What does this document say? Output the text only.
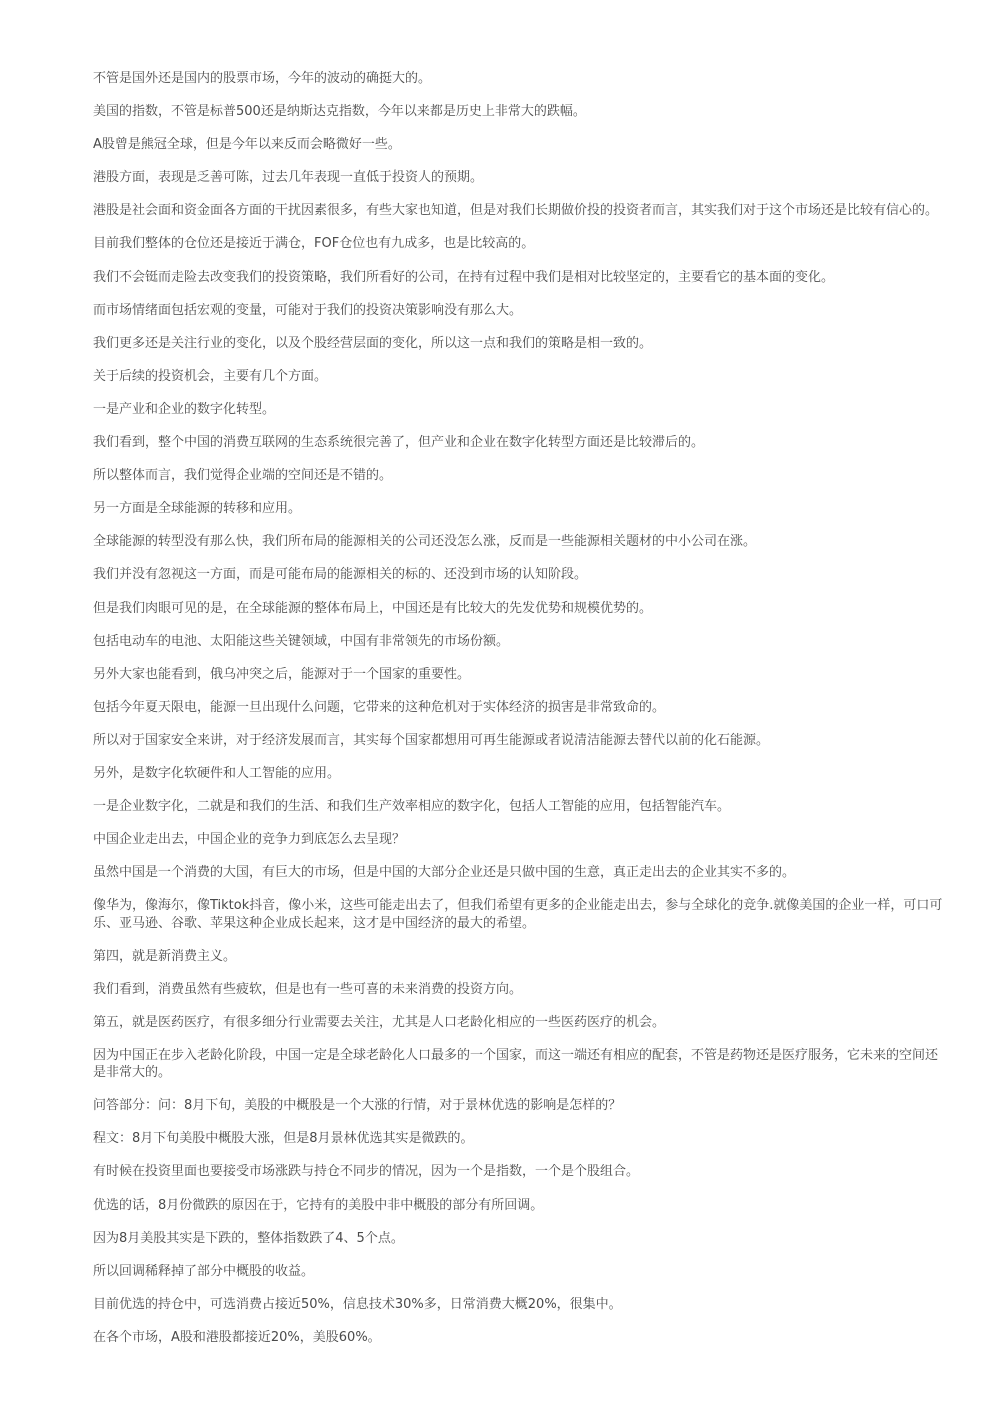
不管是国外还是国内的股票市场，今年的波动的确挺大的。

美国的指数，不管是标普500还是纳斯达克指数，今年以来都是历史上非常大的跌幅。

A股曾是熊冠全球，但是今年以来反而会略微好一些。

港股方面，表现是乏善可陈，过去几年表现一直低于投资人的预期。

港股是社会面和资金面各方面的干扰因素很多，有些大家也知道，但是对我们长期做价投的投资者而言，其实我们对于这个市场还是比较有信心的。

目前我们整体的仓位还是接近于满仓，FOF仓位也有九成多，也是比较高的。

我们不会铤而走险去改变我们的投资策略，我们所看好的公司，在持有过程中我们是相对比较坚定的，主要看它的基本面的变化。

而市场情绪面包括宏观的变量，可能对于我们的投资决策影响没有那么大。

我们更多还是关注行业的变化，以及个股经营层面的变化，所以这一点和我们的策略是相一致的。

关于后续的投资机会，主要有几个方面。

一是产业和企业的数字化转型。

我们看到，整个中国的消费互联网的生态系统很完善了，但产业和企业在数字化转型方面还是比较滞后的。

所以整体而言，我们觉得企业端的空间还是不错的。

另一方面是全球能源的转移和应用。

全球能源的转型没有那么快，我们所布局的能源相关的公司还没怎么涨，反而是一些能源相关题材的中小公司在涨。

我们并没有忽视这一方面，而是可能布局的能源相关的标的、还没到市场的认知阶段。

但是我们肉眼可见的是，在全球能源的整体布局上，中国还是有比较大的先发优势和规模优势的。

包括电动车的电池、太阳能这些关键领域，中国有非常领先的市场份额。

另外大家也能看到，俄乌冲突之后，能源对于一个国家的重要性。

包括今年夏天限电，能源一旦出现什么问题，它带来的这种危机对于实体经济的损害是非常致命的。

所以对于国家安全来讲，对于经济发展而言，其实每个国家都想用可再生能源或者说清洁能源去替代以前的化石能源。

另外，是数字化软硬件和人工智能的应用。

一是企业数字化，二就是和我们的生活、和我们生产效率相应的数字化，包括人工智能的应用，包括智能汽车。

中国企业走出去，中国企业的竞争力到底怎么去呈现？

虽然中国是一个消费的大国，有巨大的市场，但是中国的大部分企业还是只做中国的生意，真正走出去的企业其实不多的。

像华为，像海尔，像Tiktok抖音，像小米，这些可能走出去了，但我们希望有更多的企业能走出去，参与全球化的竞争.就像美国的企业一样，可口可乐、亚马逊、谷歌、苹果这种企业成长起来，这才是中国经济的最大的希望。

第四，就是新消费主义。

我们看到，消费虽然有些疲软，但是也有一些可喜的未来消费的投资方向。

第五，就是医药医疗，有很多细分行业需要去关注，尤其是人口老龄化相应的一些医药医疗的机会。

因为中国正在步入老龄化阶段，中国一定是全球老龄化人口最多的一个国家，而这一端还有相应的配套，不管是药物还是医疗服务，它未来的空间还是非常大的。

问答部分：问：8月下旬，美股的中概股是一个大涨的行情，对于景林优选的影响是怎样的？

程文：8月下旬美股中概股大涨，但是8月景林优选其实是微跌的。

有时候在投资里面也要接受市场涨跌与持仓不同步的情况，因为一个是指数，一个是个股组合。

优选的话，8月份微跌的原因在于，它持有的美股中非中概股的部分有所回调。

因为8月美股其实是下跌的，整体指数跌了4、5个点。

所以回调稀释掉了部分中概股的收益。

目前优选的持仓中，可选消费占接近50%，信息技术30%多，日常消费大概20%，很集中。

在各个市场，A股和港股都接近20%，美股60%。
